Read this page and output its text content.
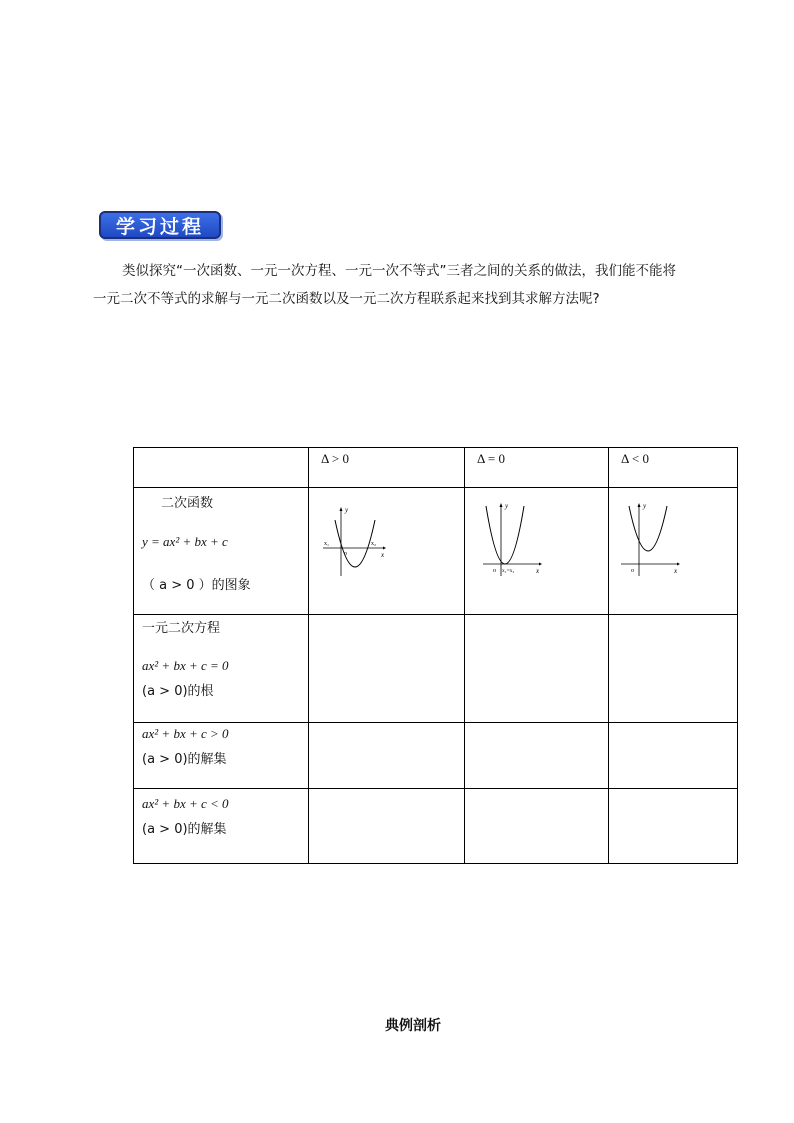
学习过程
类似探究“一次函数、一元一次方程、一元一次不等式”三者之间的关系的做法，我们能不能将
一元二次不等式的求解与一元二次函数以及一元二次方程联系起来找到其求解方法呢?

	Δ > 0	Δ = 0	Δ < 0

二次函数
y = ax² + bx + c
（ a > 0 ）的图象	y
x
o
x₁ x₂	y
x
o x₁=x₂	y
x
o

一元二次方程
ax² + bx + c = 0
(a > 0)的根			

ax² + bx + c > 0
(a > 0)的解集			

ax² + bx + c < 0
(a > 0)的解集			

典例剖析
